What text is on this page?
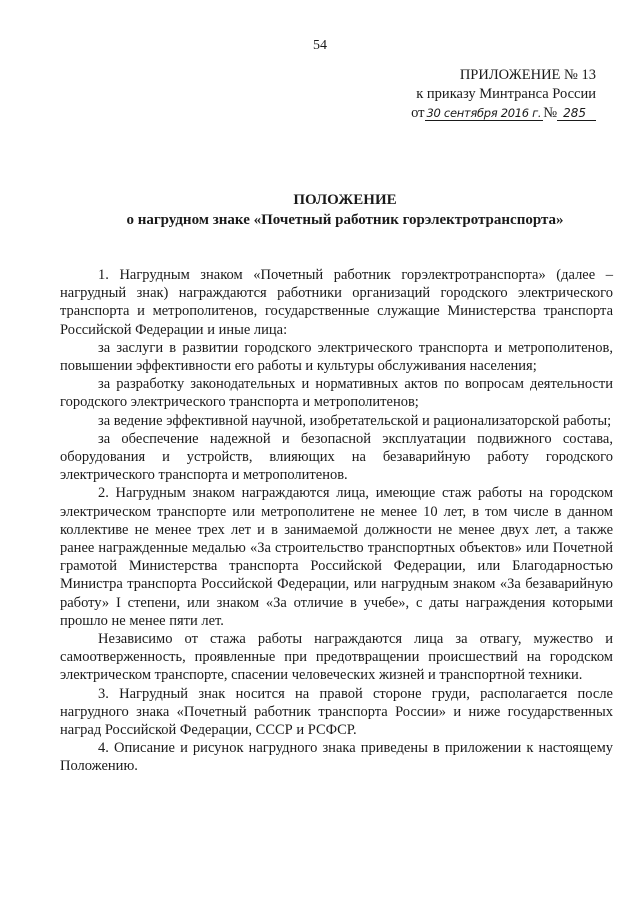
54
ПРИЛОЖЕНИЕ № 13
к приказу Минтранса России
от 30 сентября 2016 г. № 285
ПОЛОЖЕНИЕ
о нагрудном знаке «Почетный работник горэлектротранспорта»

1. Нагрудным знаком «Почетный работник горэлектротранспорта» (далее – нагрудный знак) награждаются работники организаций городского электрического транспорта и метрополитенов, государственные служащие Министерства транспорта Российской Федерации и иные лица:

за заслуги в развитии городского электрического транспорта и метрополитенов, повышении эффективности его работы и культуры обслуживания населения;

за разработку законодательных и нормативных актов по вопросам деятельности городского электрического транспорта и метрополитенов;

за ведение эффективной научной, изобретательской и рационализаторской работы;

за обеспечение надежной и безопасной эксплуатации подвижного состава, оборудования и устройств, влияющих на безаварийную работу городского электрического транспорта и метрополитенов.

2. Нагрудным знаком награждаются лица, имеющие стаж работы на городском электрическом транспорте или метрополитене не менее 10 лет, в том числе в данном коллективе не менее трех лет и в занимаемой должности не менее двух лет, а также ранее награжденные медалью «За строительство транспортных объектов» или Почетной грамотой Министерства транспорта Российской Федерации, или Благодарностью Министра транспорта Российской Федерации, или нагрудным знаком «За безаварийную работу» I степени, или знаком «За отличие в учебе», с даты награждения которыми прошло не менее пяти лет.

Независимо от стажа работы награждаются лица за отвагу, мужество и самоотверженность, проявленные при предотвращении происшествий на городском электрическом транспорте, спасении человеческих жизней и транспортной техники.

3. Нагрудный знак носится на правой стороне груди, располагается после нагрудного знака «Почетный работник транспорта России» и ниже государственных наград Российской Федерации, СССР и РСФСР.

4. Описание и рисунок нагрудного знака приведены в приложении к настоящему Положению.
